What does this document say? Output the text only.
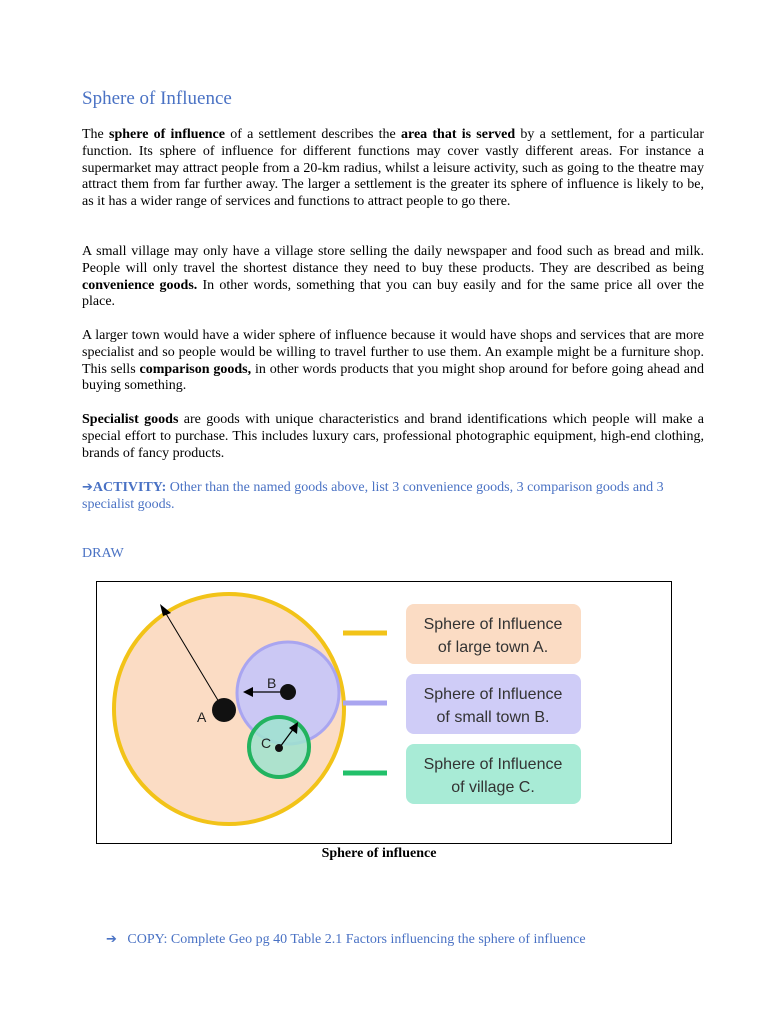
Sphere of Influence

The sphere of influence of a settlement describes the area that is served by a settlement, for a particular function. Its sphere of influence for different functions may cover vastly different areas. For instance a supermarket may attract people from a 20-km radius, whilst a leisure activity, such as going to the theatre may attract them from far further away. The larger a settlement is the greater its sphere of influence is likely to be, as it has a wider range of services and functions to attract people to go there.

A small village may only have a village store selling the daily newspaper and food such as bread and milk. People will only travel the shortest distance they need to buy these products. They are described as being convenience goods. In other words, something that you can buy easily and for the same price all over the place.

A larger town would have a wider sphere of influence because it would have shops and services that are more specialist and so people would be willing to travel further to use them. An example might be a furniture shop. This sells comparison goods, in other words products that you might shop around for before going ahead and buying something.

Specialist goods are goods with unique characteristics and brand identifications which people will make a special effort to purchase. This includes luxury cars, professional photographic equipment, high-end clothing, brands of fancy products.

➔ACTIVITY: Other than the named goods above, list 3 convenience goods, 3 comparison goods and 3 specialist goods.

DRAW

A
B
C
Sphere of Influence
of large town A.
Sphere of Influence
of small town B.
Sphere of Influence
of village C.

Sphere of influence

➔ COPY: Complete Geo pg 40 Table 2.1 Factors influencing the sphere of influence
